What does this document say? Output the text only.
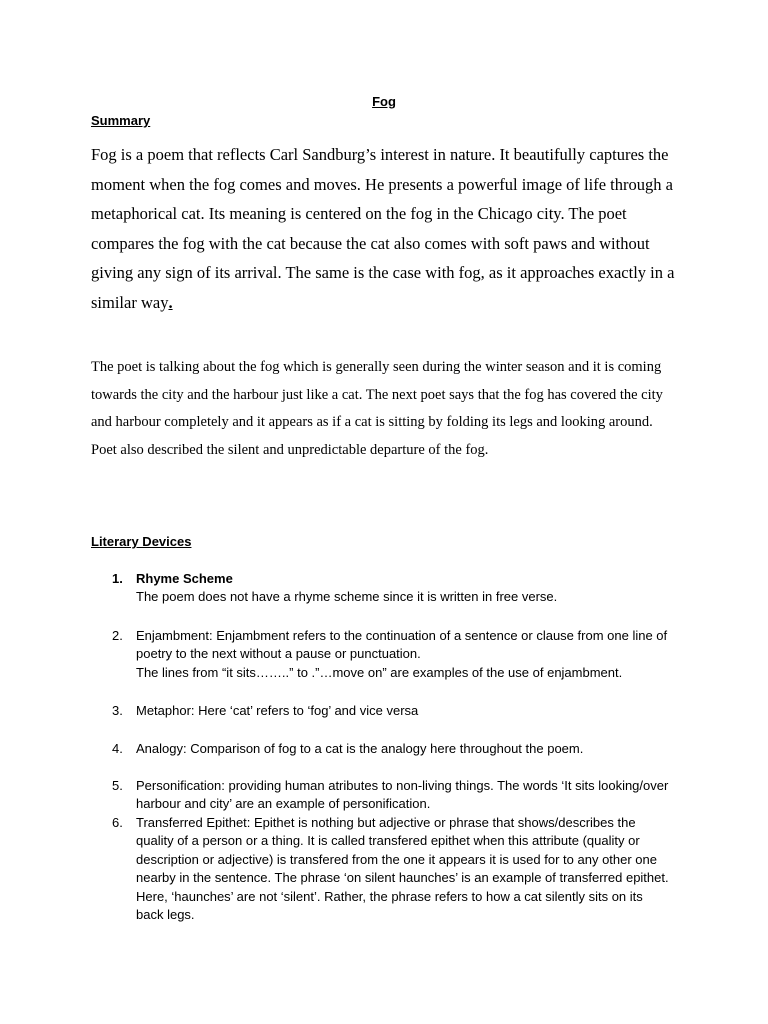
Fog
Summary

Fog is a poem that reflects Carl Sandburg’s interest in nature. It beautifully captures the moment when the fog comes and moves. He presents a powerful image of life through a metaphorical cat. Its meaning is centered on the fog in the Chicago city. The poet compares the fog with the cat because the cat also comes with soft paws and without giving any sign of its arrival. The same is the case with fog, as it approaches exactly in a similar way.

The poet is talking about the fog which is generally seen during the winter season and it is coming towards the city and the harbour just like a cat. The next poet says that the fog has covered the city and harbour completely and it appears as if a cat is sitting by folding its legs and looking around. Poet also described the silent and unpredictable departure of the fog.

Literary Devices
1. Rhyme Scheme
The poem does not have a rhyme scheme since it is written in free verse.
2. Enjambment: Enjambment refers to the continuation of a sentence or clause from one line of poetry to the next without a pause or punctuation.
The lines from “it sits……..” to .”…move on” are examples of the use of enjambment.
3. Metaphor: Here ‘cat’ refers to ‘fog’ and vice versa
4. Analogy: Comparison of fog to a cat is the analogy here throughout the poem.
5. Personification: providing human atributes to non-living things. The words ‘It sits looking/over harbour and city’ are an example of personification.
6. Transferred Epithet: Epithet is nothing but adjective or phrase that shows/describes the quality of a person or a thing. It is called transfered epithet when this attribute (quality or description or adjective) is transfered from the one it appears it is used for to any other one nearby in the sentence. The phrase ‘on silent haunches’ is an example of transferred epithet. Here, ‘haunches’ are not ‘silent’. Rather, the phrase refers to how a cat silently sits on its back legs.
